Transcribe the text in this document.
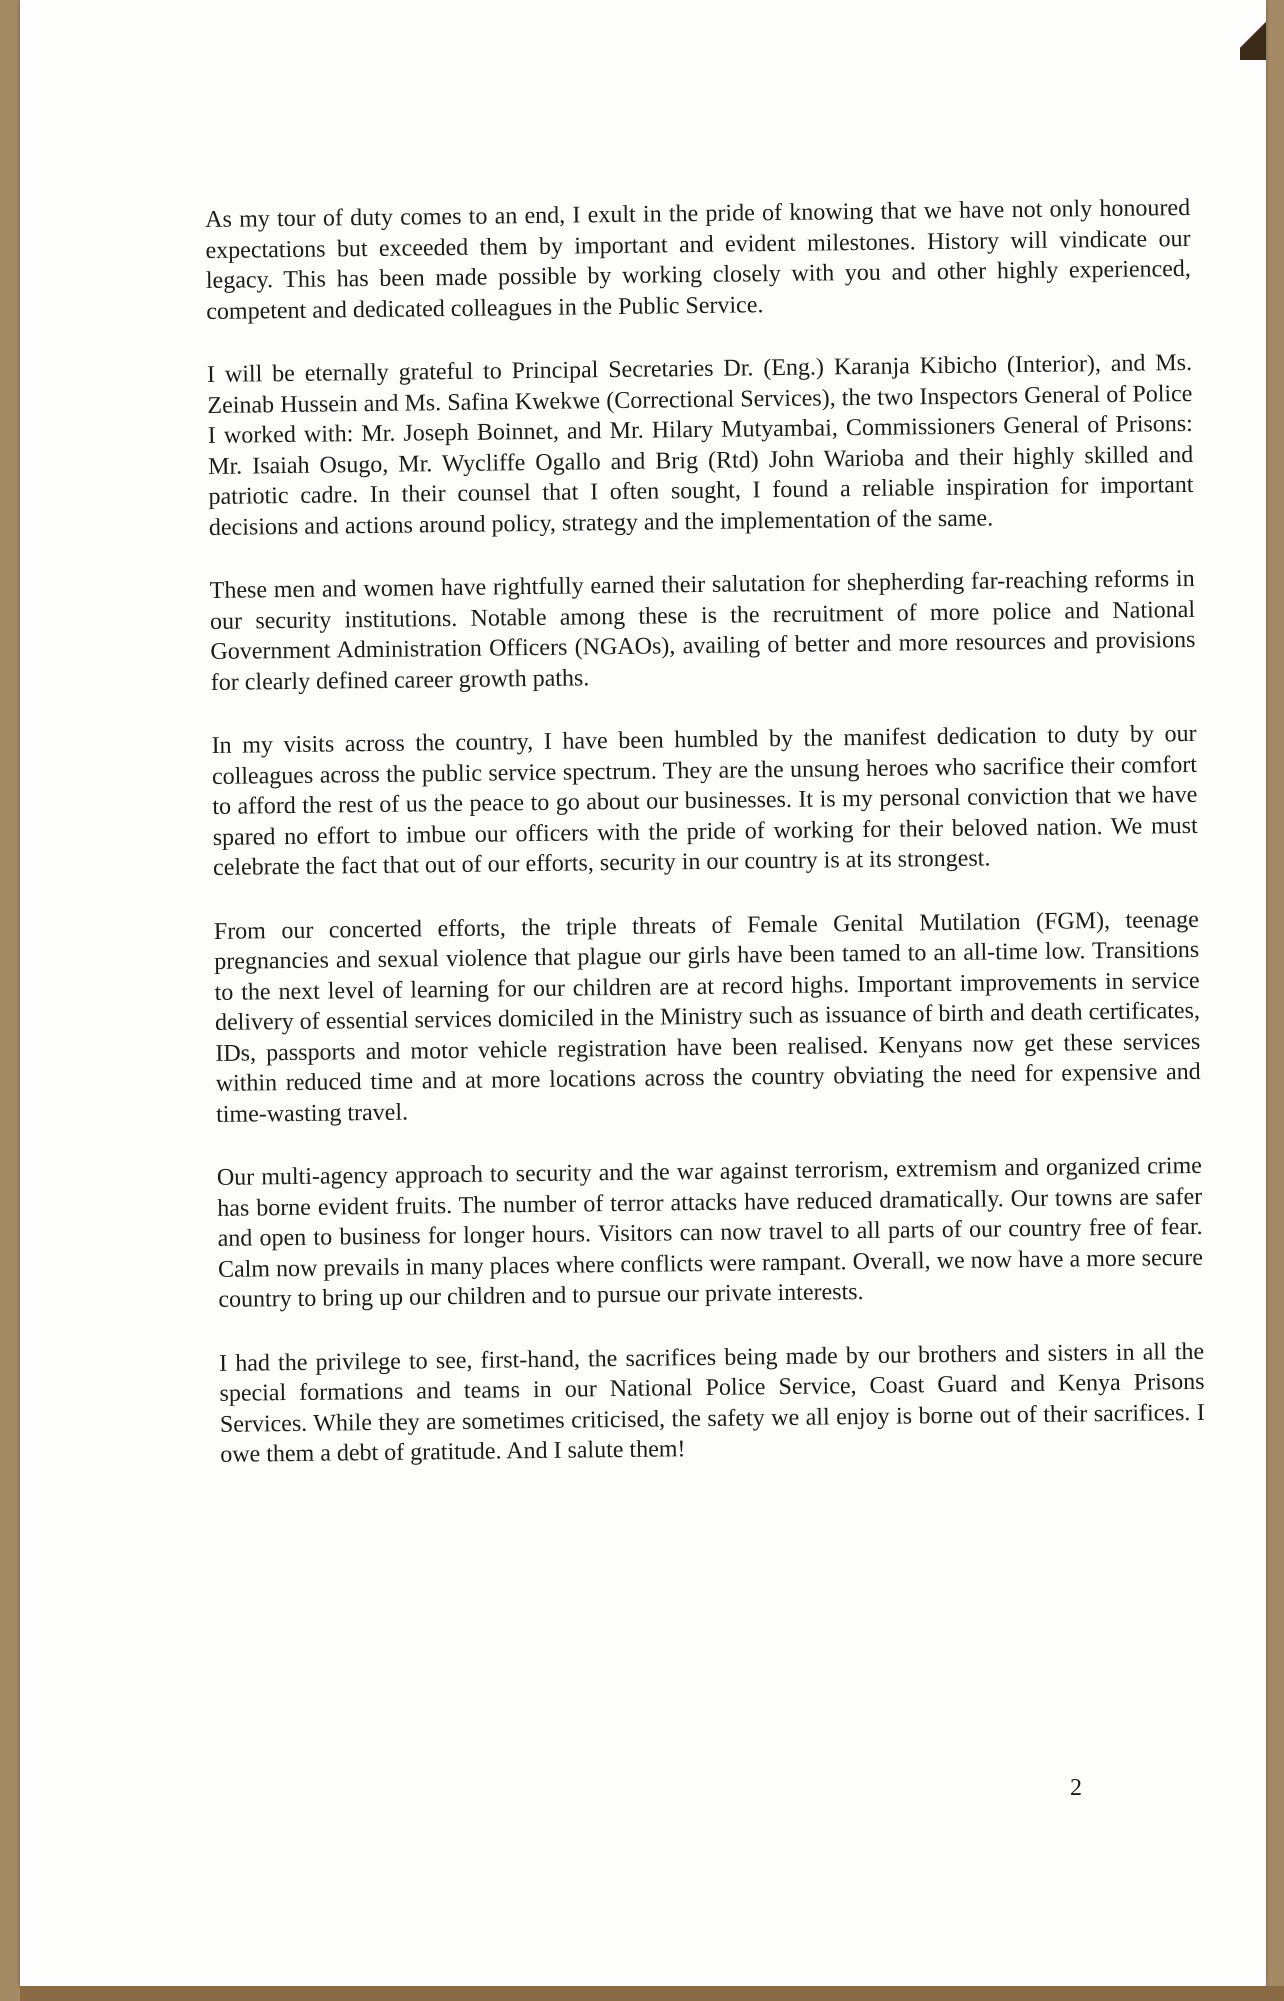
As my tour of duty comes to an end, I exult in the pride of knowing that we have not only honoured expectations but exceeded them by important and evident milestones. History will vindicate our legacy. This has been made possible by working closely with you and other highly experienced, competent and dedicated colleagues in the Public Service.

I will be eternally grateful to Principal Secretaries Dr. (Eng.) Karanja Kibicho (Interior), and Ms. Zeinab Hussein and Ms. Safina Kwekwe (Correctional Services), the two Inspectors General of Police I worked with: Mr. Joseph Boinnet, and Mr. Hilary Mutyambai, Commissioners General of Prisons: Mr. Isaiah Osugo, Mr. Wycliffe Ogallo and Brig (Rtd) John Warioba and their highly skilled and patriotic cadre. In their counsel that I often sought, I found a reliable inspiration for important decisions and actions around policy, strategy and the implementation of the same.

These men and women have rightfully earned their salutation for shepherding far-reaching reforms in our security institutions. Notable among these is the recruitment of more police and National Government Administration Officers (NGAOs), availing of better and more resources and provisions for clearly defined career growth paths.

In my visits across the country, I have been humbled by the manifest dedication to duty by our colleagues across the public service spectrum. They are the unsung heroes who sacrifice their comfort to afford the rest of us the peace to go about our businesses. It is my personal conviction that we have spared no effort to imbue our officers with the pride of working for their beloved nation. We must celebrate the fact that out of our efforts, security in our country is at its strongest.

From our concerted efforts, the triple threats of Female Genital Mutilation (FGM), teenage pregnancies and sexual violence that plague our girls have been tamed to an all-time low. Transitions to the next level of learning for our children are at record highs. Important improvements in service delivery of essential services domiciled in the Ministry such as issuance of birth and death certificates, IDs, passports and motor vehicle registration have been realised. Kenyans now get these services within reduced time and at more locations across the country obviating the need for expensive and time-wasting travel.

Our multi-agency approach to security and the war against terrorism, extremism and organized crime has borne evident fruits. The number of terror attacks have reduced dramatically. Our towns are safer and open to business for longer hours. Visitors can now travel to all parts of our country free of fear. Calm now prevails in many places where conflicts were rampant. Overall, we now have a more secure country to bring up our children and to pursue our private interests.

I had the privilege to see, first-hand, the sacrifices being made by our brothers and sisters in all the special formations and teams in our National Police Service, Coast Guard and Kenya Prisons Services. While they are sometimes criticised, the safety we all enjoy is borne out of their sacrifices. I owe them a debt of gratitude. And I salute them!

2
